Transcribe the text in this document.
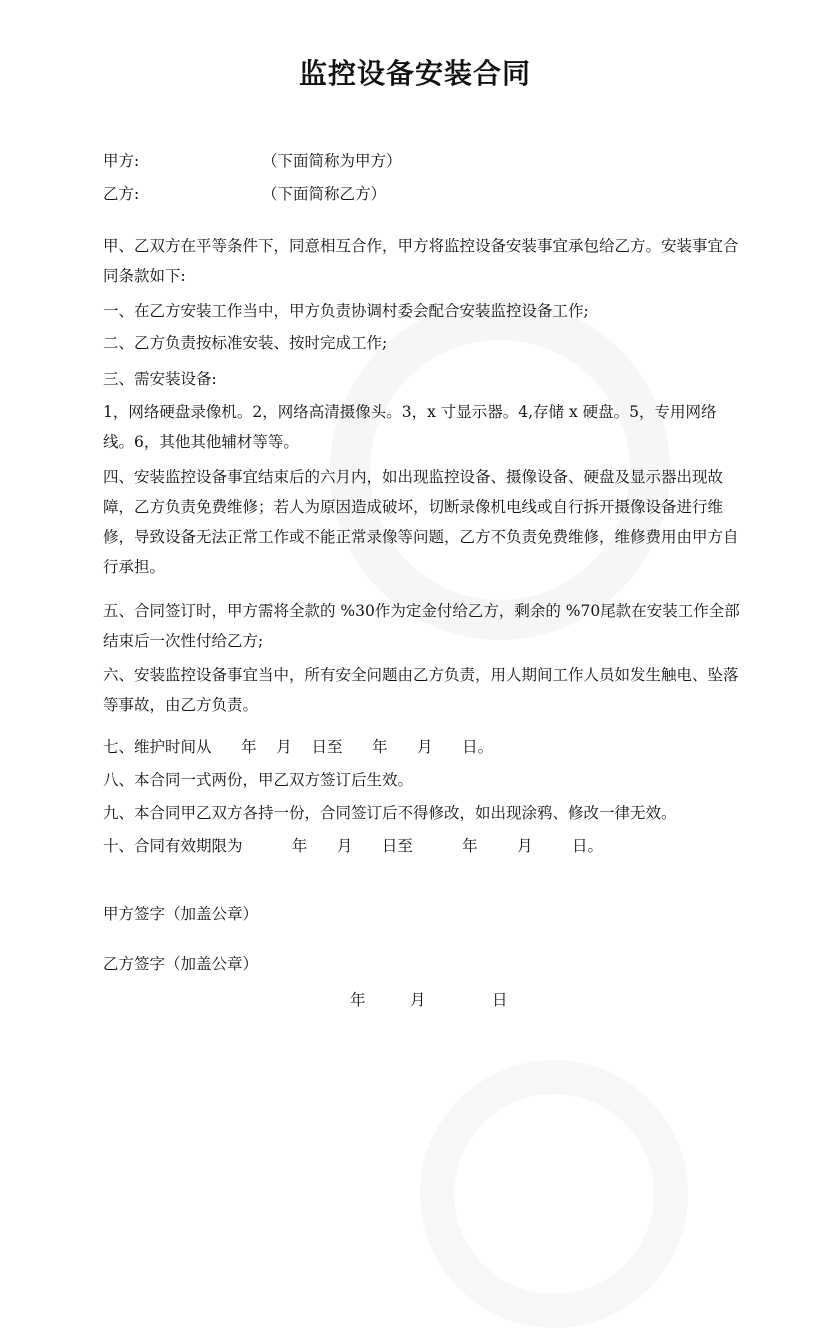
监控设备安装合同
甲方:	（下面简称为甲方）
乙方:	（下面简称乙方）
甲、乙双方在平等条件下，同意相互合作，甲方将监控设备安装事宜承包给乙方。安装事宜合同条款如下:
一、在乙方安装工作当中，甲方负责协调村委会配合安装监控设备工作;
二、乙方负责按标准安装、按时完成工作;
三、需安装设备:
1，网络硬盘录像机。2，网络高清摄像头。3，x 寸显示器。4,存储 x 硬盘。5，专用网络线。6，其他其他辅材等等。
四、安装监控设备事宜结束后的六月内，如出现监控设备、摄像设备、硬盘及显示器出现故障，乙方负责免费维修；若人为原因造成破坏，切断录像机电线或自行拆开摄像设备进行维修，导致设备无法正常工作或不能正常录像等问题，乙方不负责免费维修，维修费用由甲方自行承担。
五、合同签订时，甲方需将全款的 %30作为定金付给乙方，剩余的 %70尾款在安装工作全部结束后一次性付给乙方;
六、安装监控设备事宜当中，所有安全问题由乙方负责，用人期间工作人员如发生触电、坠落等事故，由乙方负责。
七、维护时间从      年    月    日至      年      月      日。
八、本合同一式两份，甲乙双方签订后生效。
九、本合同甲乙双方各持一份，合同签订后不得修改，如出现涂鸦、修改一律无效。
十、合同有效期限为          年      月      日至          年        月        日。
甲方签字（加盖公章）
乙方签字（加盖公章）
年	月	日
